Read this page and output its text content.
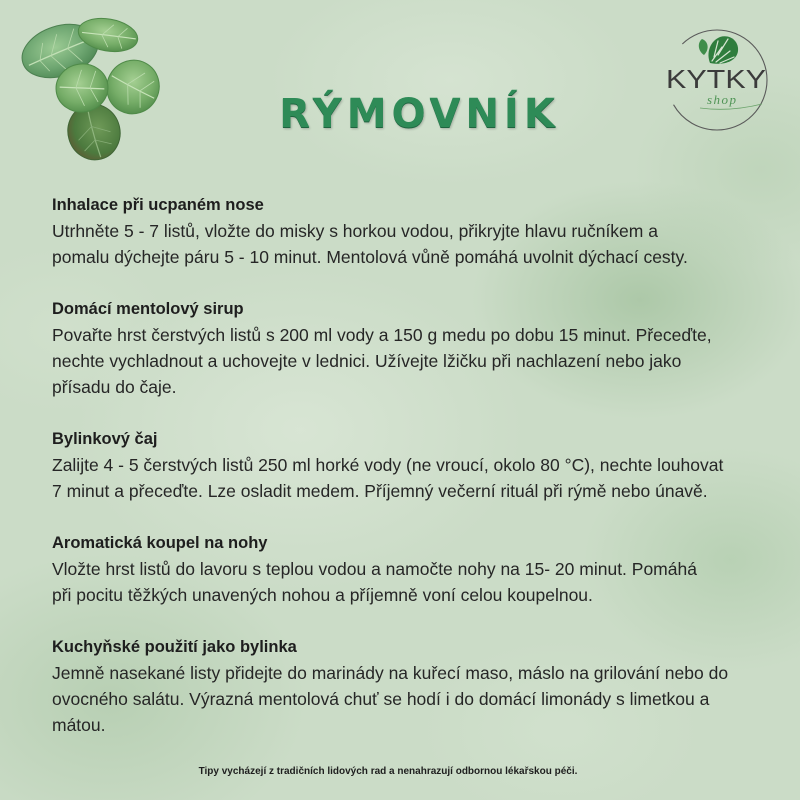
RÝMOVNÍK
KYTKY
shop
Inhalace při ucpaném nose
Utrhněte 5 - 7 listů, vložte do misky s horkou vodou, přikryjte hlavu ručníkem a
pomalu dýchejte páru 5 - 10 minut. Mentolová vůně pomáhá uvolnit dýchací cesty.
Domácí mentolový sirup
Povařte hrst čerstvých listů s 200 ml vody a 150 g medu po dobu 15 minut. Přeceďte,
nechte vychladnout a uchovejte v lednici. Užívejte lžičku při nachlazení nebo jako
přísadu do čaje.
Bylinkový čaj
Zalijte 4 - 5 čerstvých listů 250 ml horké vody (ne vroucí, okolo 80 °C), nechte louhovat
7 minut a přeceďte. Lze osladit medem. Příjemný večerní rituál při rýmě nebo únavě.
Aromatická koupel na nohy
Vložte hrst listů do lavoru s teplou vodou a namočte nohy na 15- 20 minut. Pomáhá
při pocitu těžkých unavených nohou a příjemně voní celou koupelnou.
Kuchyňské použití jako bylinka
Jemně nasekané listy přidejte do marinády na kuřecí maso, máslo na grilování nebo do
ovocného salátu. Výrazná mentolová chuť se hodí i do domácí limonády s limetkou a
mátou.
Tipy vycházejí z tradičních lidových rad a nenahrazují odbornou lékařskou péči.
